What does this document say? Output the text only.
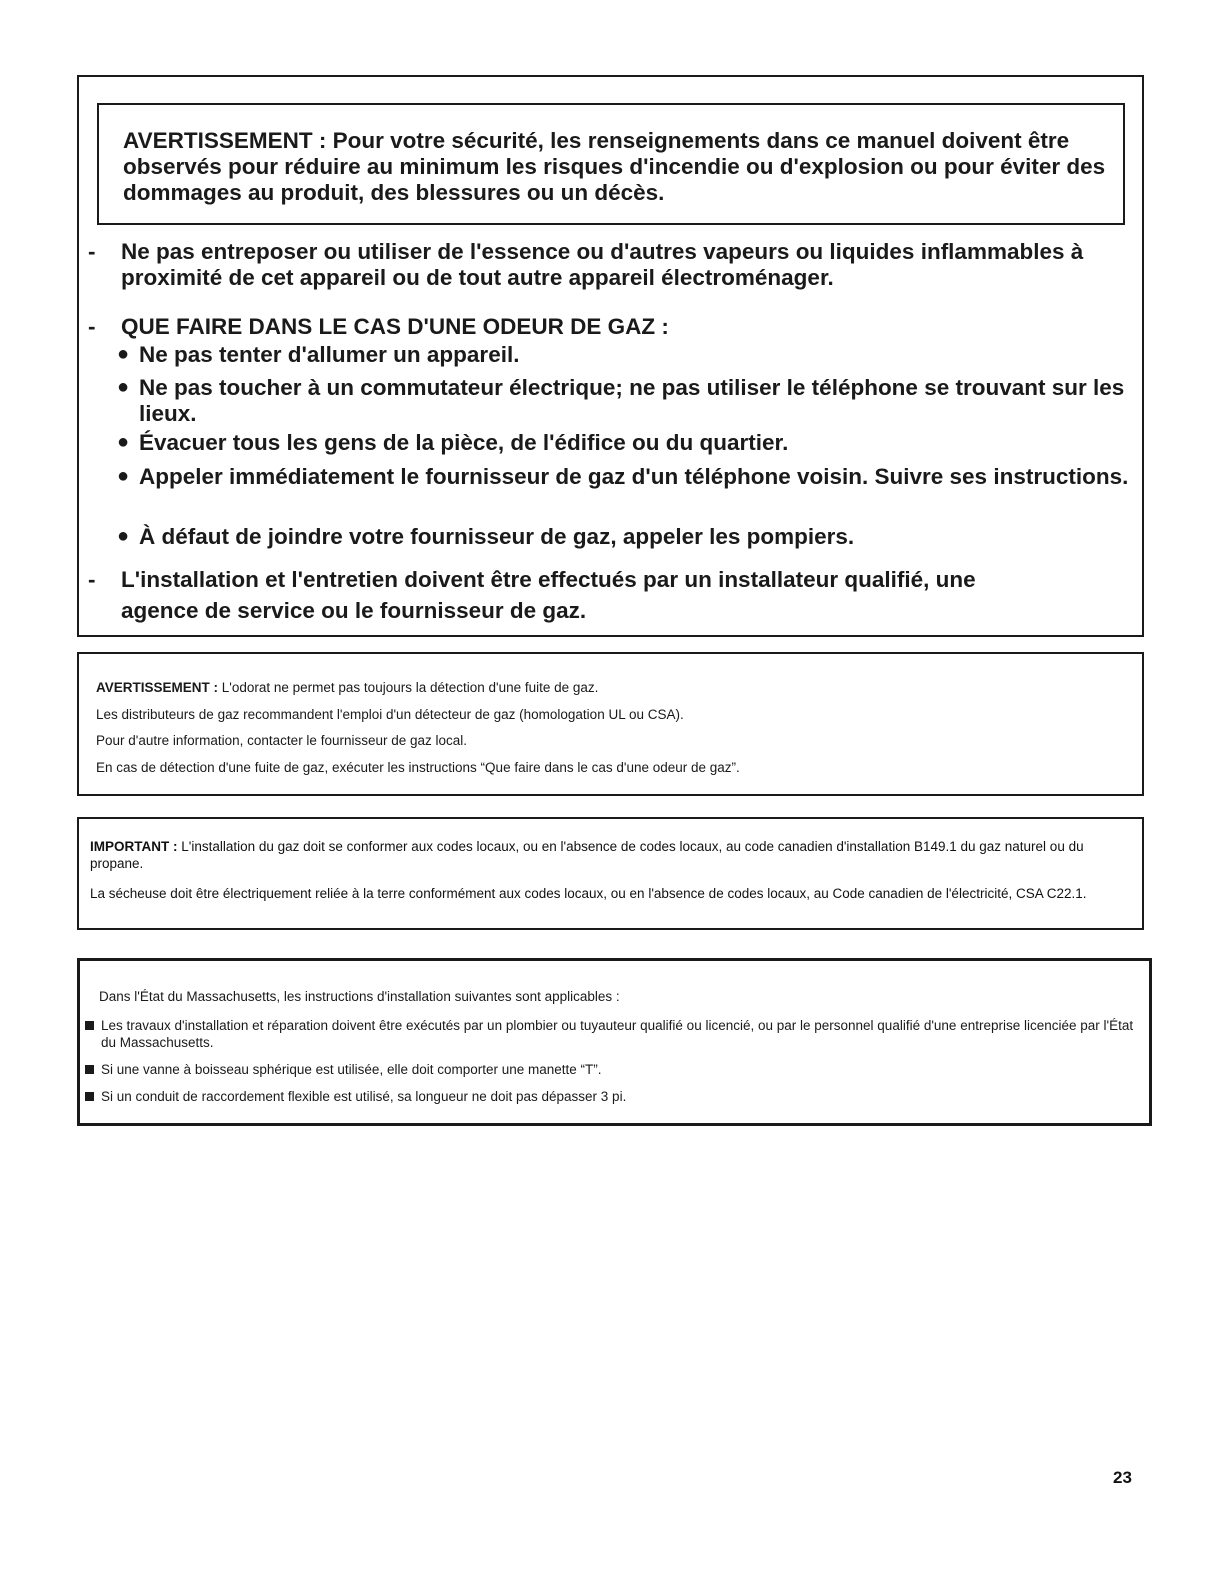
AVERTISSEMENT : Pour votre sécurité, les renseignements dans ce manuel doivent être observés pour réduire au minimum les risques d'incendie ou d'explosion ou pour éviter des dommages au produit, des blessures ou un décès.

- Ne pas entreposer ou utiliser de l'essence ou d'autres vapeurs ou liquides inflammables à proximité de cet appareil ou de tout autre appareil électroménager.

- QUE FAIRE DANS LE CAS D'UNE ODEUR DE GAZ :

● Ne pas tenter d'allumer un appareil.

● Ne pas toucher à un commutateur électrique; ne pas utiliser le téléphone se trouvant sur les lieux.

● Évacuer tous les gens de la pièce, de l'édifice ou du quartier.

● Appeler immédiatement le fournisseur de gaz d'un téléphone voisin. Suivre ses instructions.

● À défaut de joindre votre fournisseur de gaz, appeler les pompiers.

- L'installation et l'entretien doivent être effectués par un installateur qualifié, une
agence de service ou le fournisseur de gaz.

AVERTISSEMENT : L'odorat ne permet pas toujours la détection d'une fuite de gaz.

Les distributeurs de gaz recommandent l'emploi d'un détecteur de gaz (homologation UL ou CSA).

Pour d'autre information, contacter le fournisseur de gaz local.

En cas de détection d'une fuite de gaz, exécuter les instructions “Que faire dans le cas d'une odeur de gaz”.

IMPORTANT : L'installation du gaz doit se conformer aux codes locaux, ou en l'absence de codes locaux, au code canadien d'installation B149.1 du gaz naturel ou du propane.

La sécheuse doit être électriquement reliée à la terre conformément aux codes locaux, ou en l'absence de codes locaux, au Code canadien de l'électricité, CSA C22.1.

Dans l'État du Massachusetts, les instructions d'installation suivantes sont applicables :

Les travaux d'installation et réparation doivent être exécutés par un plombier ou tuyauteur qualifié ou licencié, ou par le personnel qualifié d'une entreprise licenciée par l'État du Massachusetts.

Si une vanne à boisseau sphérique est utilisée, elle doit comporter une manette “T”.

Si un conduit de raccordement flexible est utilisé, sa longueur ne doit pas dépasser 3 pi.

23
